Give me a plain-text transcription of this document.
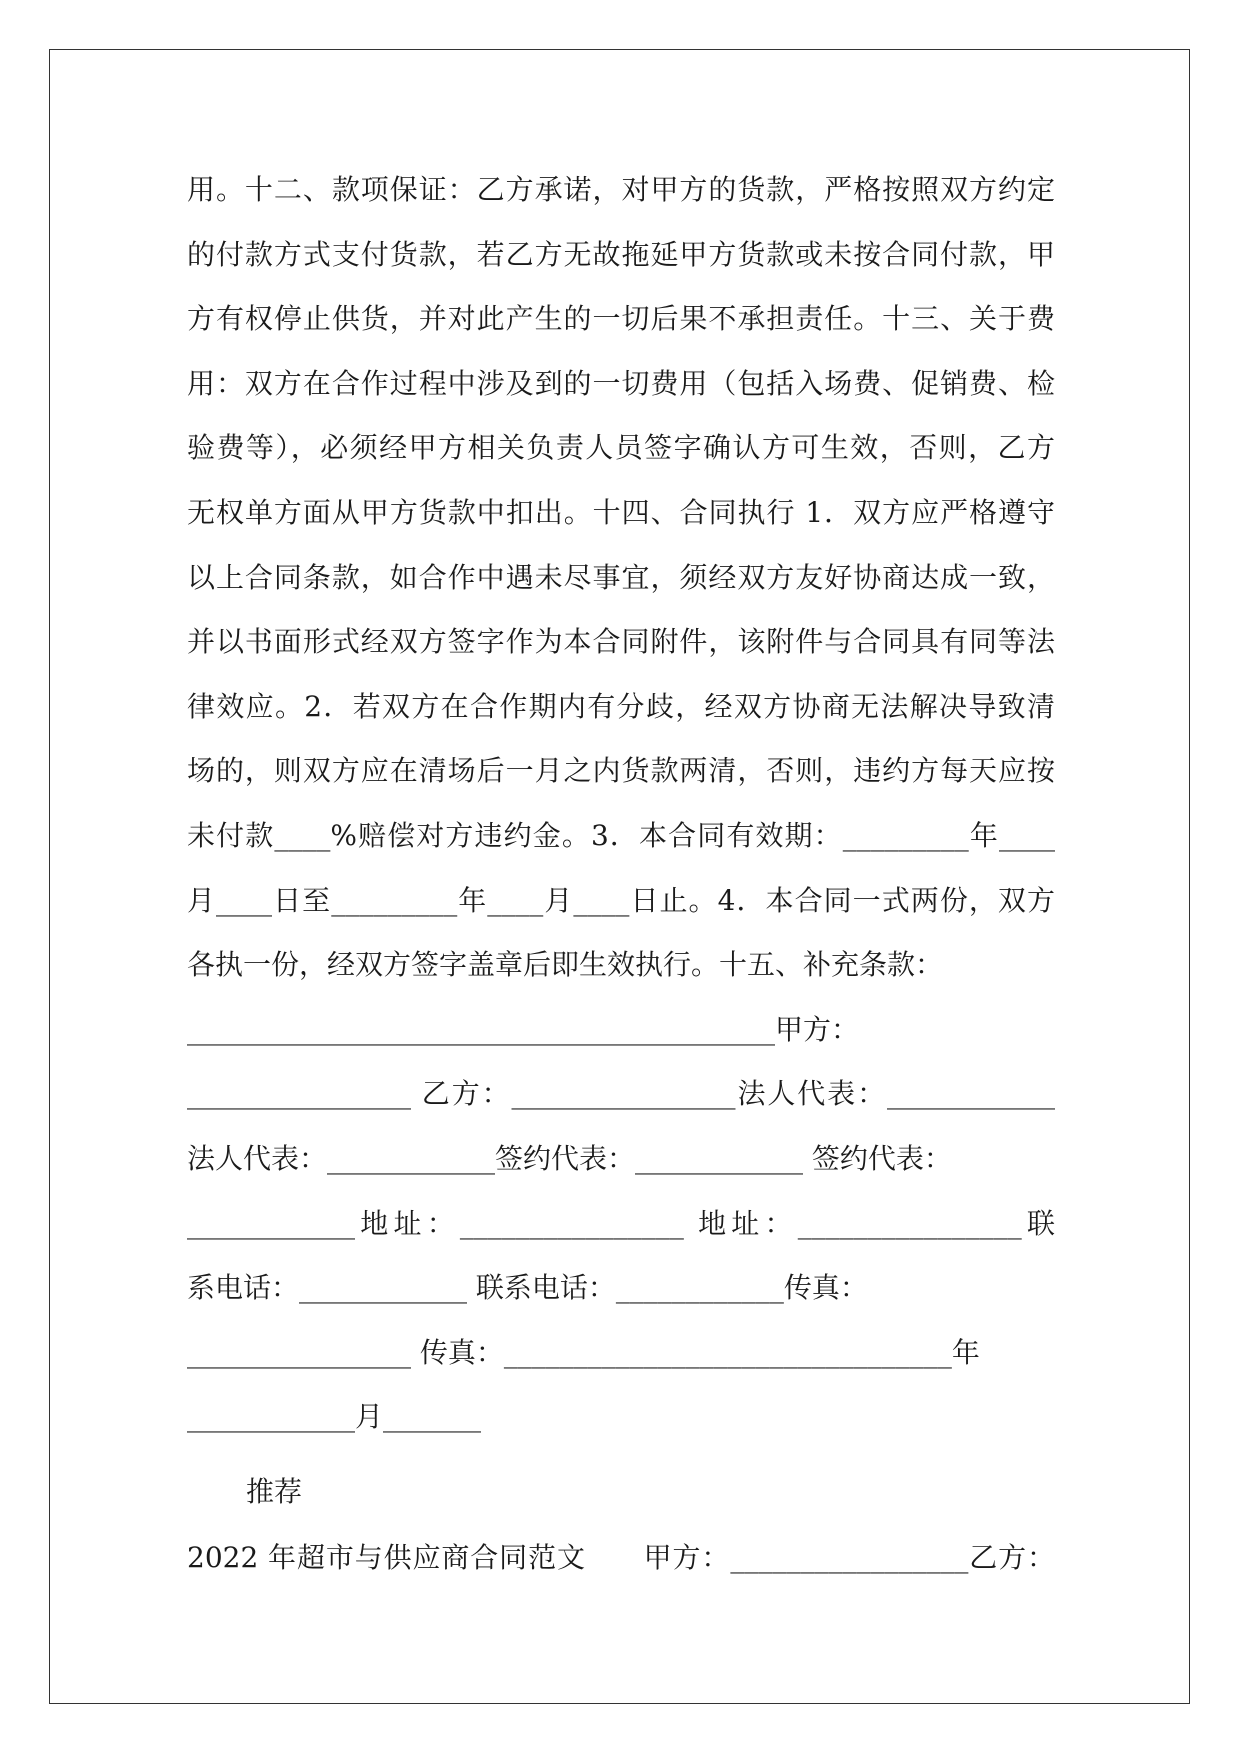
用。十二、款项保证：乙方承诺，对甲方的货款，严格按照双方约定
的付款方式支付货款，若乙方无故拖延甲方货款或未按合同付款，甲
方有权停止供货，并对此产生的一切后果不承担责任。十三、关于费
用：双方在合作过程中涉及到的一切费用（包括入场费、促销费、检
验费等），必须经甲方相关负责人员签字确认方可生效，否则，乙方
无权单方面从甲方货款中扣出。十四、合同执行 1．双方应严格遵守
以上合同条款，如合作中遇未尽事宜，须经双方友好协商达成一致，
并以书面形式经双方签字作为本合同附件，该附件与合同具有同等法
律效应。2．若双方在合作期内有分歧，经双方协商无法解决导致清
场的，则双方应在清场后一月之内货款两清，否则，违约方每天应按
未付款____%赔偿对方违约金。3．本合同有效期：_________年____
月____日至_________年____月____日止。4．本合同一式两份，双方
各执一份，经双方签字盖章后即生效执行。十五、补充条款：
__________________________________________甲方：
________________ 乙方：________________法人代表：____________
法人代表：____________签约代表：____________ 签约代表：
____________地址：________________ 地址：________________联
系电话：____________ 联系电话：____________传真：
________________ 传真：________________________________年
____________月_______
推荐
2022 年超市与供应商合同范文　　甲方：_________________乙方：
